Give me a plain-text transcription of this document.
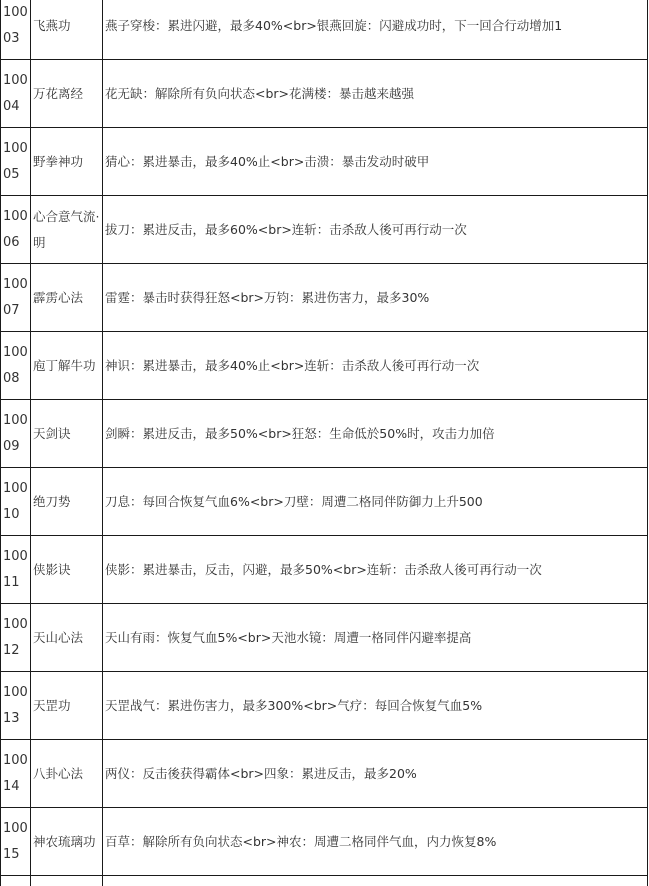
10003	飞燕功	燕子穿梭：累进闪避，最多40%<br>银燕回旋：闪避成功时，下一回合行动增加1
10004	万花离经	花无缺：解除所有负向状态<br>花满楼：暴击越来越强
10005	野拳神功	猜心：累进暴击，最多40%止<br>击溃：暴击发动时破甲
10006	心合意气流·明	拔刀：累进反击，最多60%<br>连斩：击杀敌人後可再行动一次
10007	霹雳心法	雷霆：暴击时获得狂怒<br>万钧：累进伤害力，最多30%
10008	庖丁解牛功	神识：累进暴击，最多40%止<br>连斩：击杀敌人後可再行动一次
10009	天剑诀	剑瞬：累进反击，最多50%<br>狂怒：生命低於50%时，攻击力加倍
10010	绝刀势	刀息：每回合恢复气血6%<br>刀壁：周遭二格同伴防御力上升500
10011	侠影诀	侠影：累进暴击，反击，闪避，最多50%<br>连斩：击杀敌人後可再行动一次
10012	天山心法	天山有雨：恢复气血5%<br>天池水镜：周遭一格同伴闪避率提高
10013	天罡功	天罡战气：累进伤害力，最多300%<br>气疗：每回合恢复气血5%
10014	八卦心法	两仪：反击後获得霸体<br>四象：累进反击，最多20%
10015	神农琉璃功	百草：解除所有负向状态<br>神农：周遭二格同伴气血，内力恢复8%
